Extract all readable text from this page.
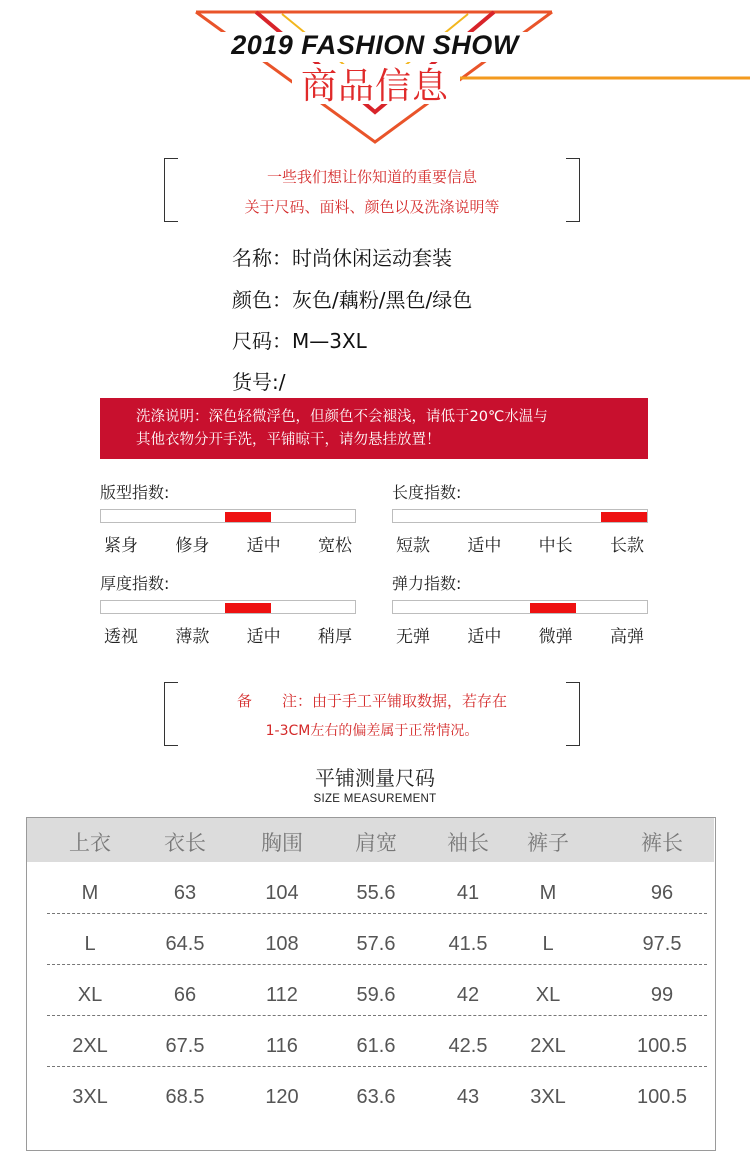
2019 FASHION SHOW
商品信息
一些我们想让你知道的重要信息
关于尺码、面料、颜色以及洗涤说明等
名称：时尚休闲运动套装
颜色：灰色/藕粉/黑色/绿色
尺码：M—3XL
货号:/
洗涤说明：深色轻微浮色，但颜色不会褪浅，请低于20℃水温与
其他衣物分开手洗，平铺晾干，请勿悬挂放置！
版型指数:
紧身 修身 适中 宽松
长度指数:
短款 适中 中长 长款
厚度指数:
透视 薄款 适中 稍厚
弹力指数:
无弹 适中 微弹 高弹
备　　注：由于手工平铺取数据，若存在
1-3CM左右的偏差属于正常情况。
平铺测量尺码
SIZE MEASUREMENT
上衣	衣长	胸围	肩宽	袖长	裤子	裤长
M	63	104	55.6	41	M	96
L	64.5	108	57.6	41.5	L	97.5
XL	66	112	59.6	42	XL	99
2XL	67.5	116	61.6	42.5	2XL	100.5
3XL	68.5	120	63.6	43	3XL	100.5
